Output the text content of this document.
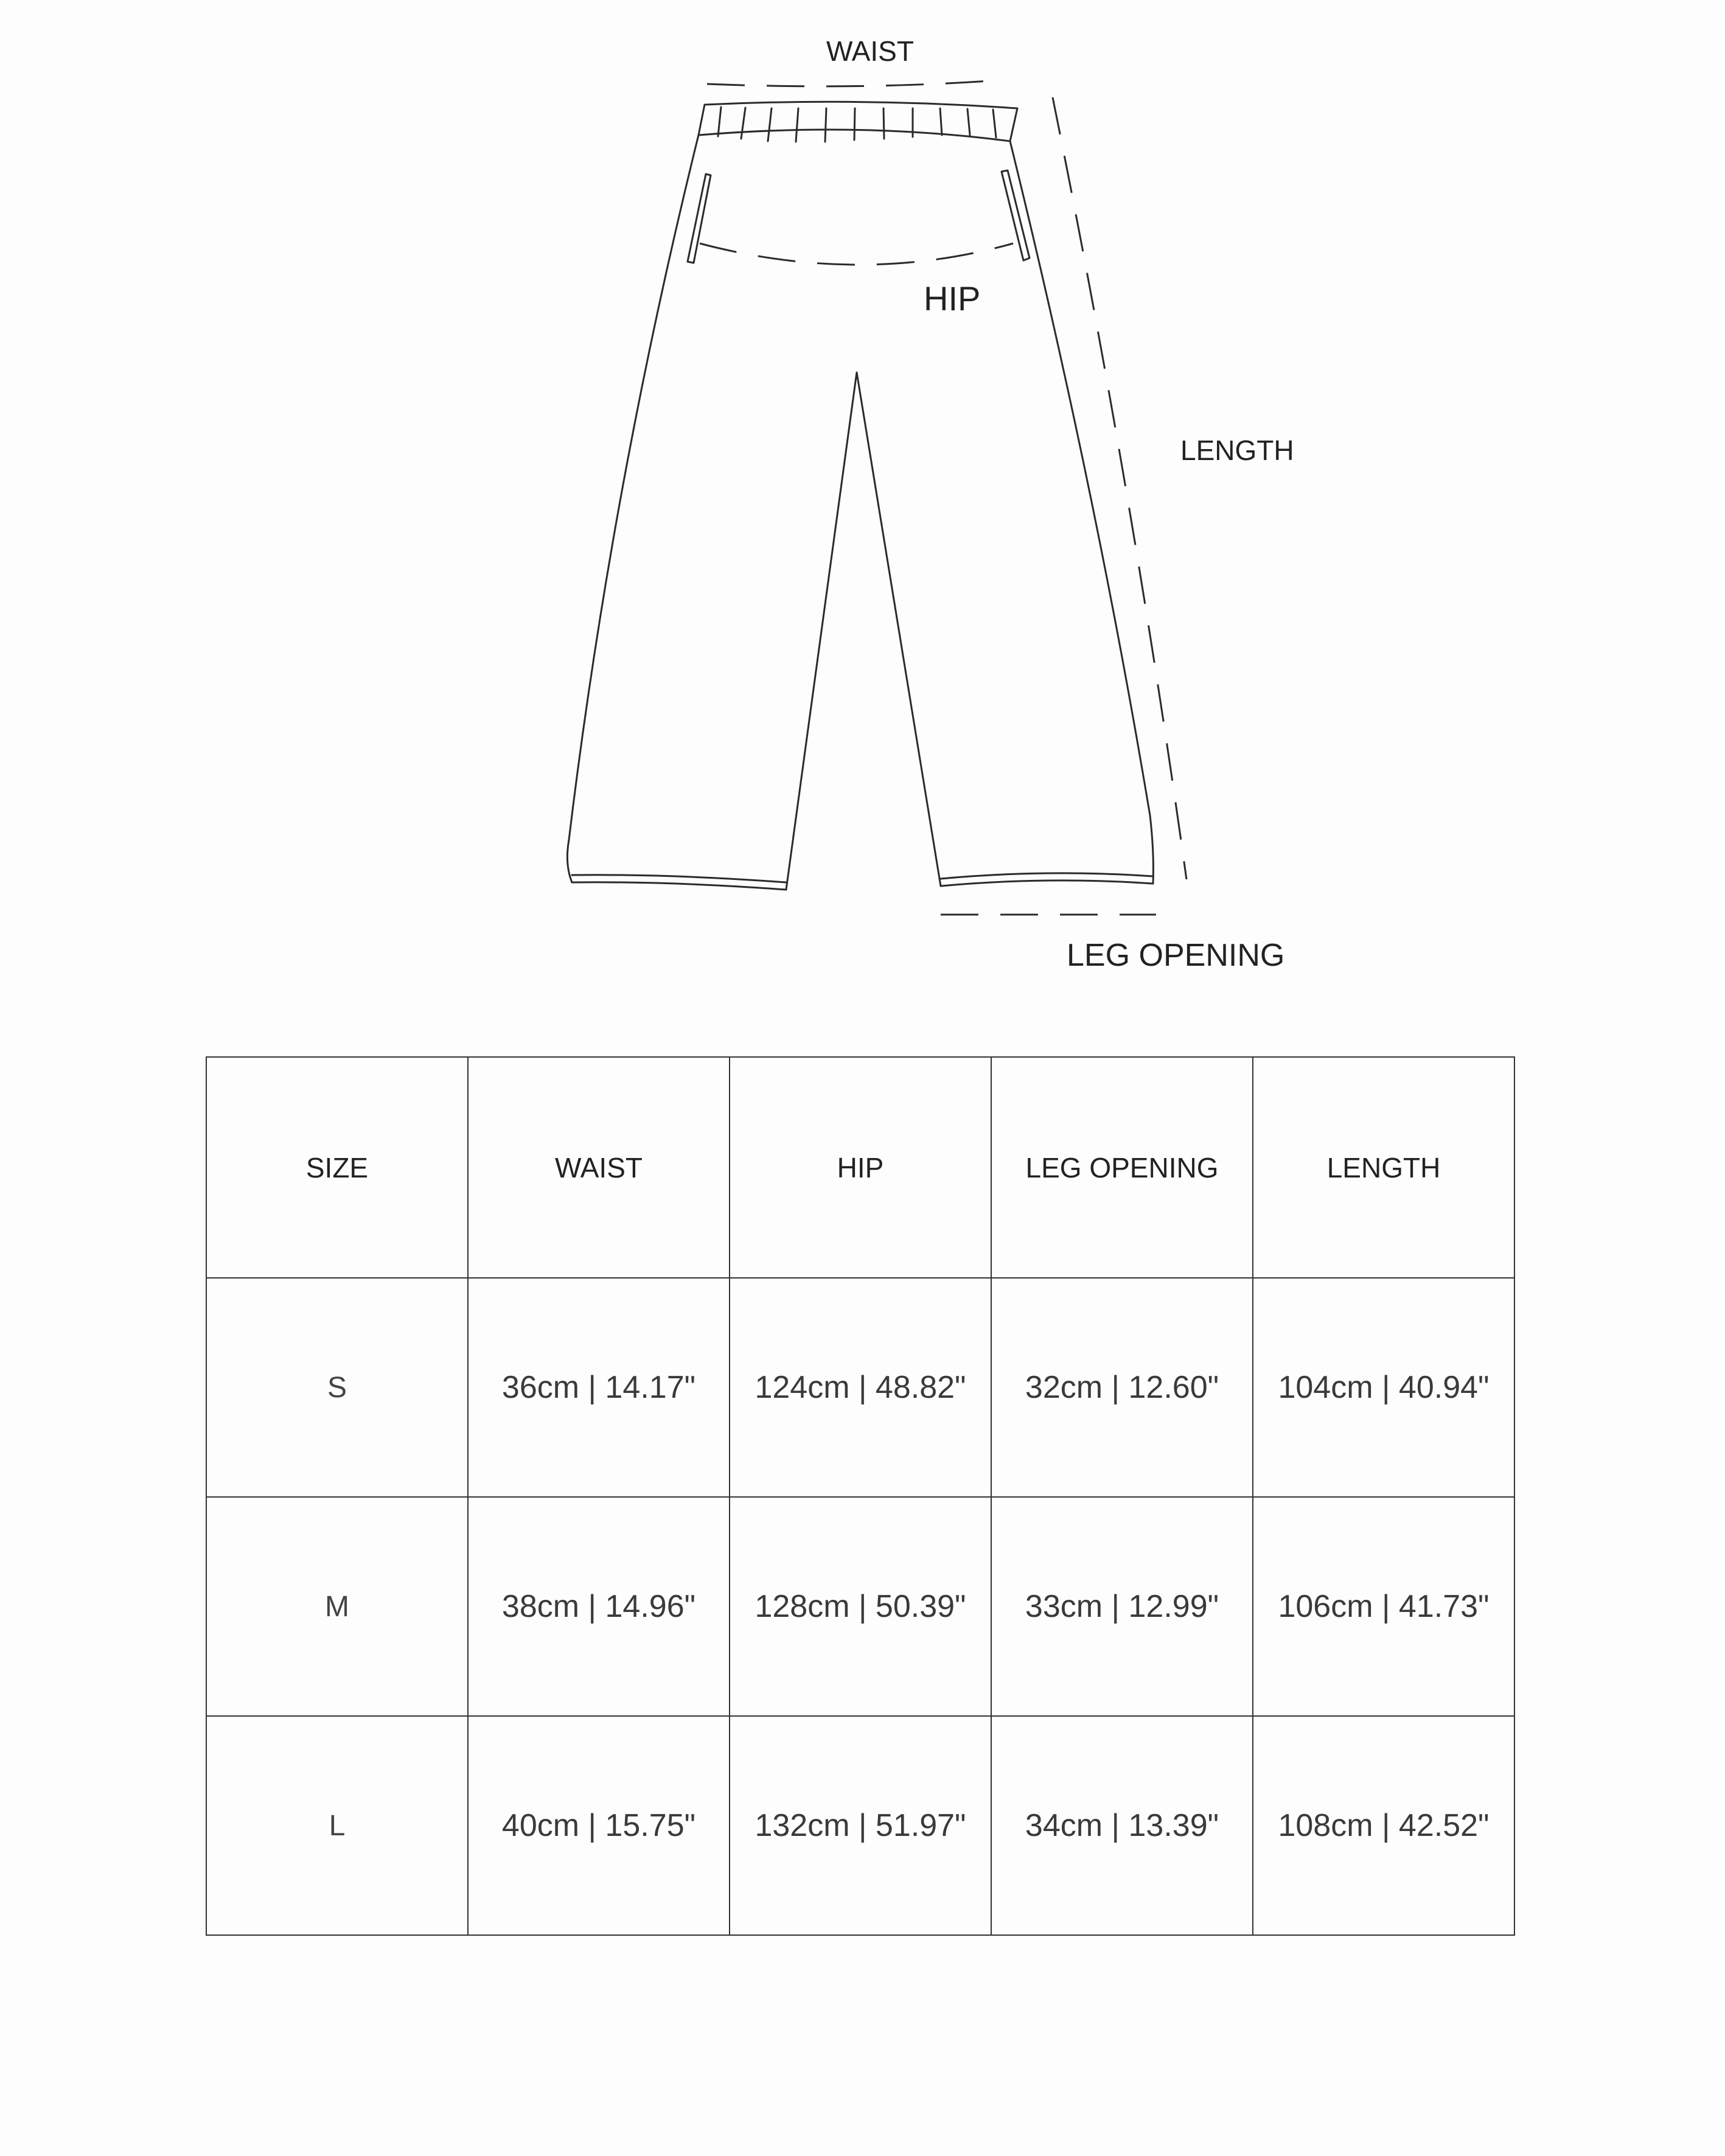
WAIST
HIP
LENGTH
LEG OPENING
SIZE	WAIST	HIP	LEG OPENING	LENGTH
S	36cm | 14.17"	124cm | 48.82"	32cm | 12.60"	104cm | 40.94"
M	38cm | 14.96"	128cm | 50.39"	33cm | 12.99"	106cm | 41.73"
L	40cm | 15.75"	132cm | 51.97"	34cm | 13.39"	108cm | 42.52"
